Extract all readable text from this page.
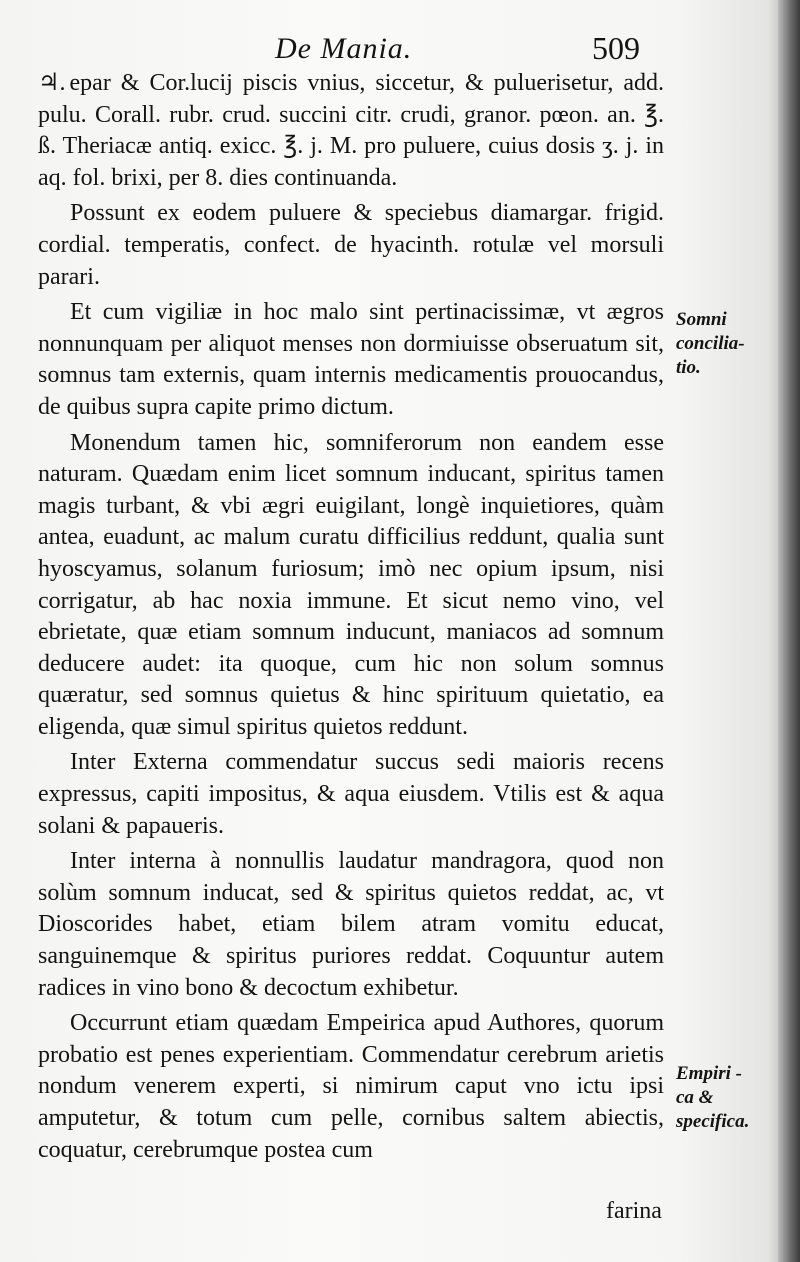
De Mania.	509

♃. epar & Cor.lucij piscis vnius, siccetur, & puluerisetur, add. pulu. Corall. rubr. crud. succini citr. crudi, granor. pœon. an. ℥. ß. Theriacæ antiq. exicc. ℥. j. M. pro puluere, cuius dosis ʒ. j. in aq. fol. brixi, per 8. dies continuanda.

Possunt ex eodem puluere & speciebus diamargar. frigid. cordial. temperatis, confect. de hyacinth. rotulæ vel morsuli parari.

Et cum vigiliæ in hoc malo sint pertinacissimæ, vt ægros nonnunquam per aliquot menses non dormiuisse obseruatum sit, somnus tam externis, quam internis medicamentis prouocandus, de quibus supra capite primo dictum.

Monendum tamen hic, somniferorum non eandem esse naturam. Quædam enim licet somnum inducant, spiritus tamen magis turbant, & vbi ægri euigilant, longè inquietiores, quàm antea, euadunt, ac malum curatu difficilius reddunt, qualia sunt hyoscyamus, solanum furiosum; imò nec opium ipsum, nisi corrigatur, ab hac noxia immune. Et sicut nemo vino, vel ebrietate, quæ etiam somnum inducunt, maniacos ad somnum deducere audet: ita quoque, cum hic non solum somnus quæratur, sed somnus quietus & hinc spirituum quietatio, ea eligenda, quæ simul spiritus quietos reddunt.

Inter Externa commendatur succus sedi maioris recens expressus, capiti impositus, & aqua eiusdem. Vtilis est & aqua solani & papaueris.

Inter interna à nonnullis laudatur mandragora, quod non solùm somnum inducat, sed & spiritus quietos reddat, ac, vt Dioscorides habet, etiam bilem atram vomitu educat, sanguinemque & spiritus puriores reddat. Coquuntur autem radices in vino bono & decoctum exhibetur.

Occurrunt etiam quædam Empeirica apud Authores, quorum probatio est penes experientiam. Commendatur cerebrum arietis nondum venerem experti, si nimirum caput vno ictu ipsi amputetur, & totum cum pelle, cornibus saltem abiectis, coquatur, cerebrumque postea cum

Somni
concilia-
tio.
Empiri -
ca &
specifica.
farina
